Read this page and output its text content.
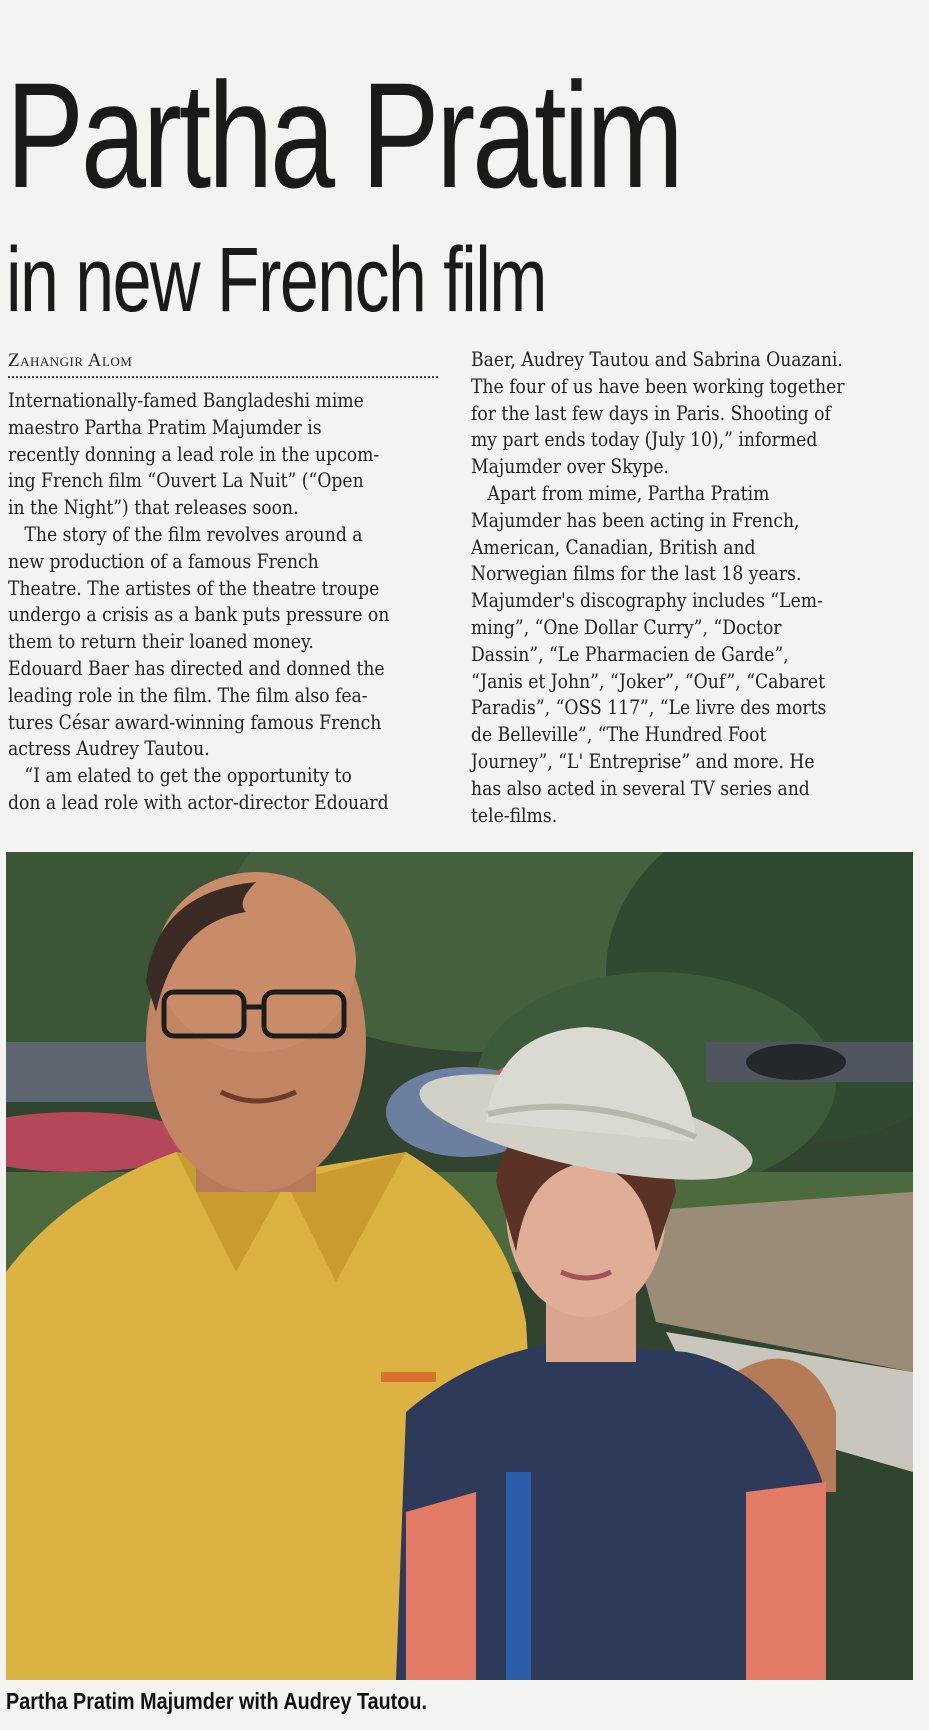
Partha Pratim
in new French film
Zahangir Alom

Internationally-famed Bangladeshi mime

maestro Partha Pratim Majumder is

recently donning a lead role in the upcom-

ing French film “Ouvert La Nuit” (“Open

in the Night”) that releases soon.

The story of the film revolves around a

new production of a famous French

Theatre. The artistes of the theatre troupe

undergo a crisis as a bank puts pressure on

them to return their loaned money.

Edouard Baer has directed and donned the

leading role in the film. The film also fea-

tures César award-winning famous French

actress Audrey Tautou.

“I am elated to get the opportunity to

don a lead role with actor-director Edouard

Baer, Audrey Tautou and Sabrina Ouazani.

The four of us have been working together

for the last few days in Paris. Shooting of

my part ends today (July 10),” informed

Majumder over Skype.

Apart from mime, Partha Pratim

Majumder has been acting in French,

American, Canadian, British and

Norwegian films for the last 18 years.

Majumder's discography includes “Lem-

ming”, “One Dollar Curry”, “Doctor

Dassin”, “Le Pharmacien de Garde”,

“Janis et John”, “Joker”, “Ouf”, “Cabaret

Paradis”, “OSS 117”, “Le livre des morts

de Belleville”, “The Hundred Foot

Journey”, “L' Entreprise” and more. He

has also acted in several TV series and

tele-films.

Partha Pratim Majumder with Audrey Tautou.
